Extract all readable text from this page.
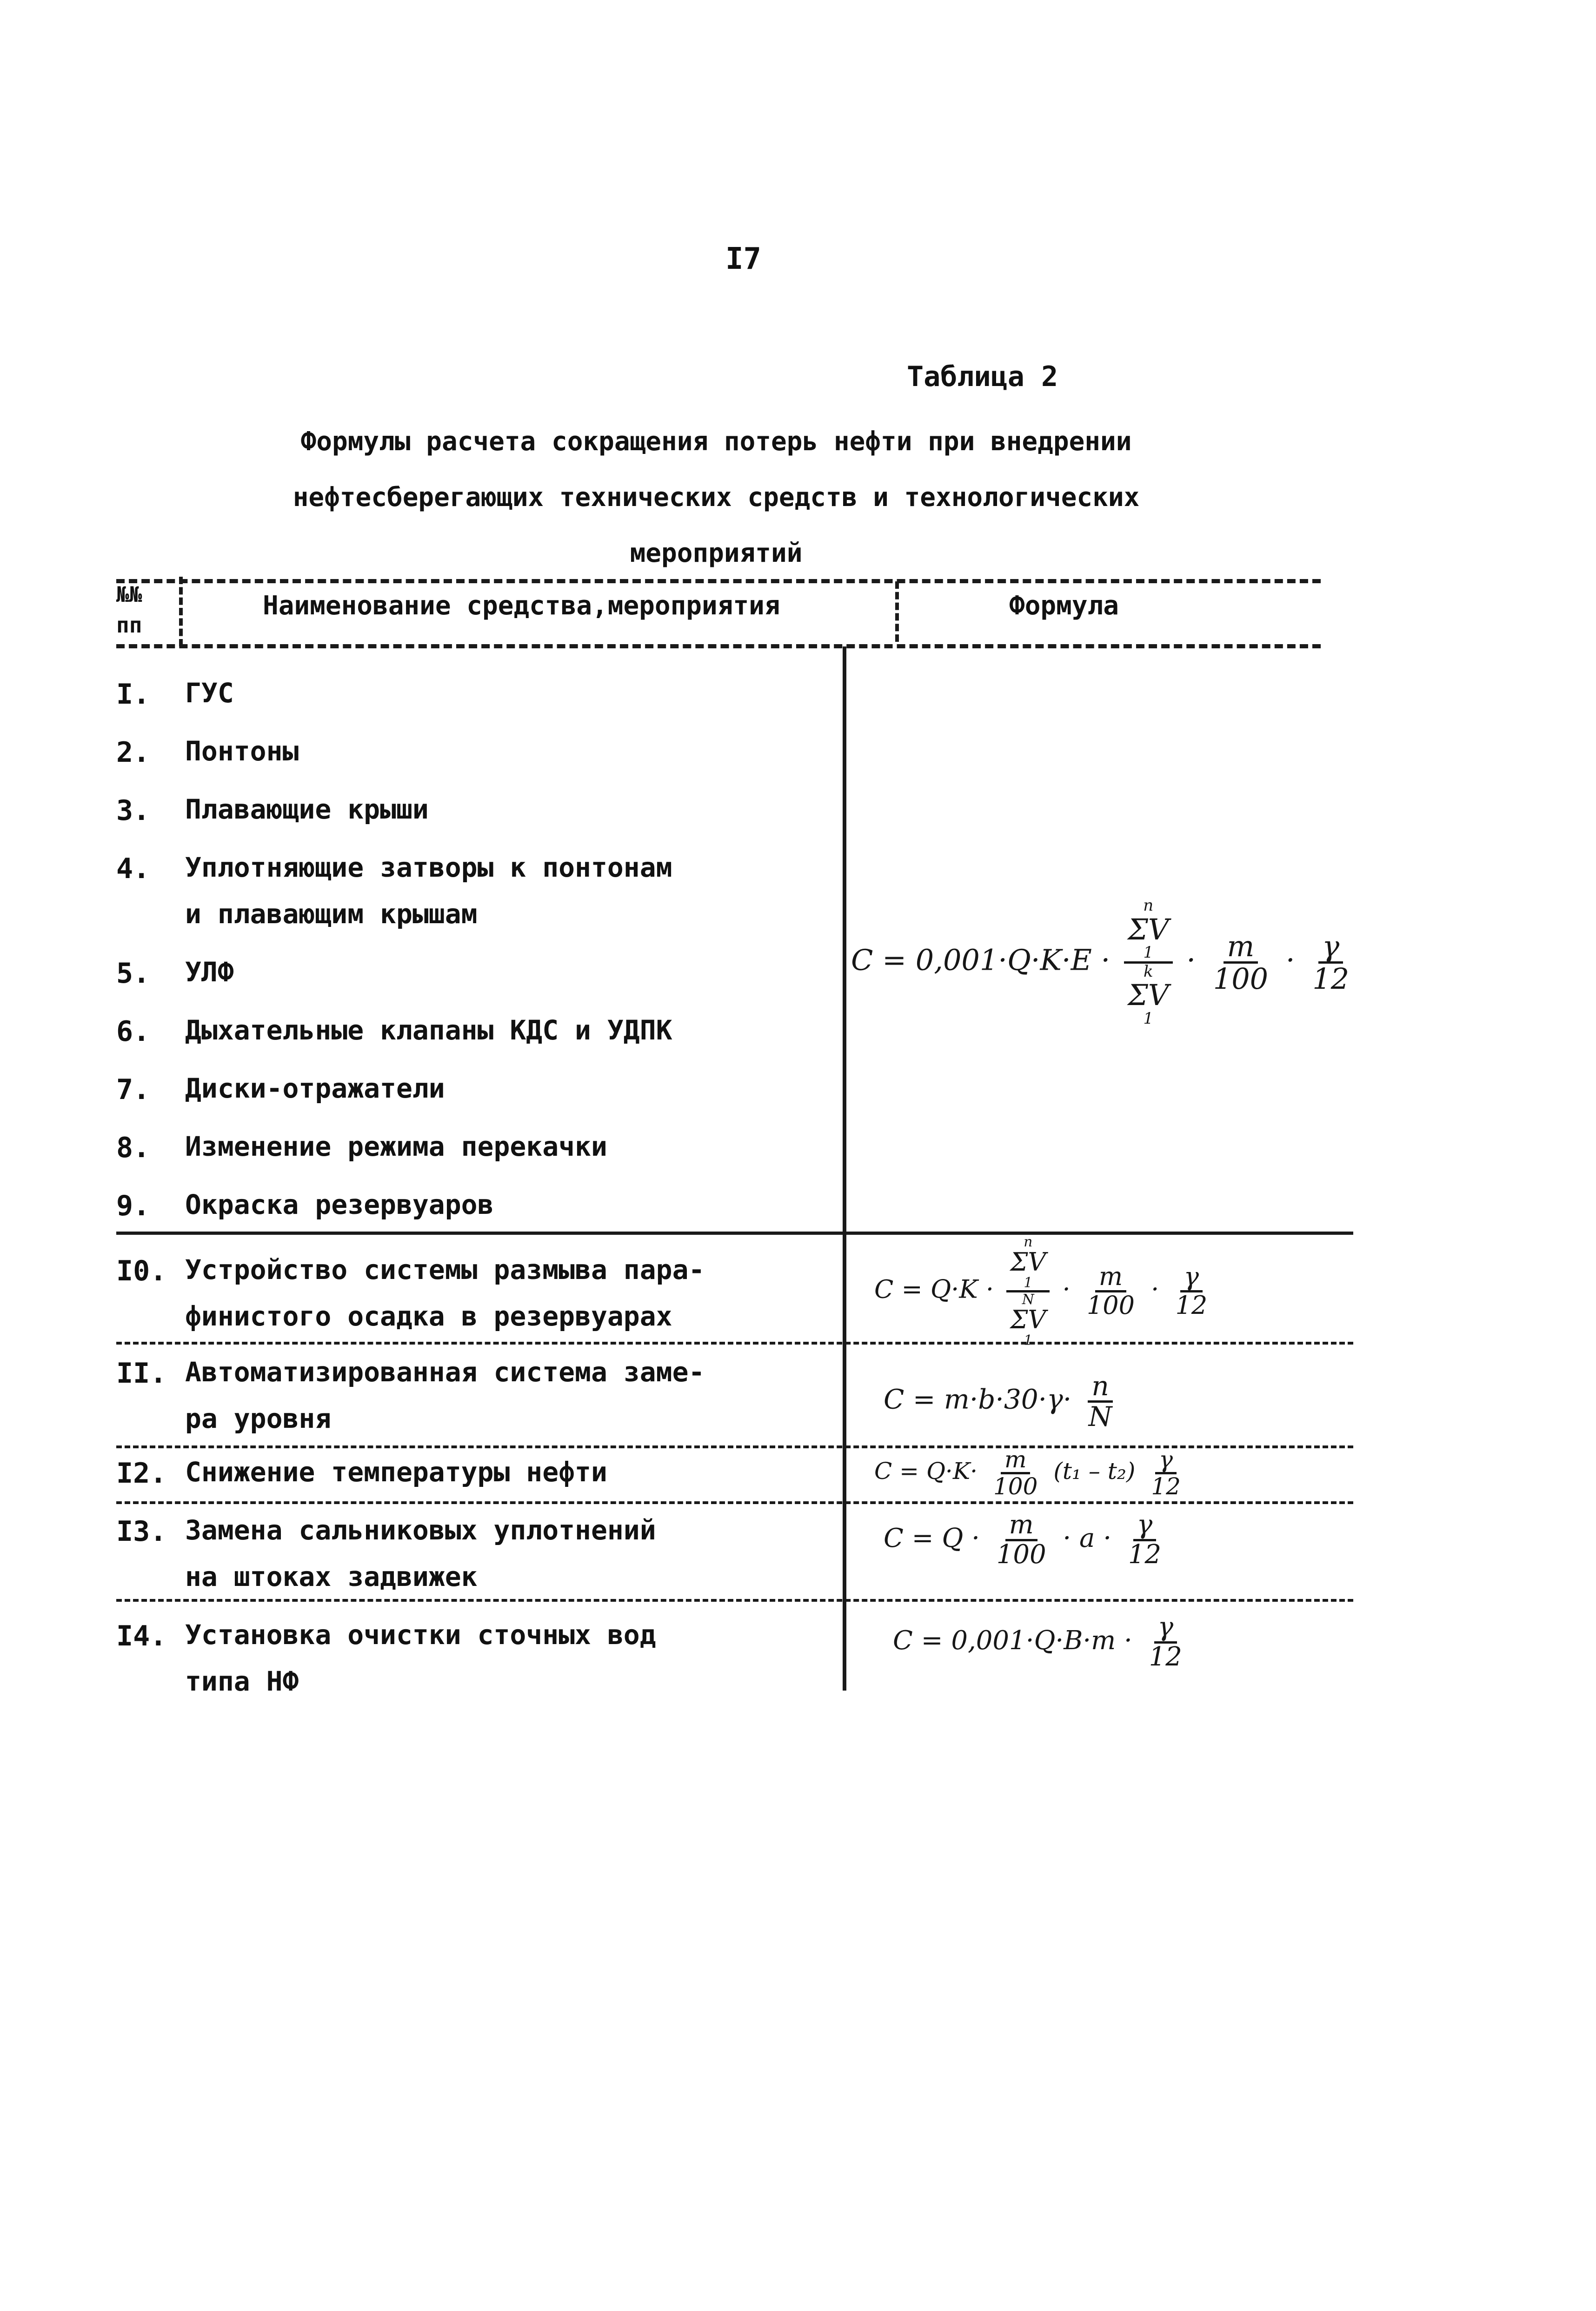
I7
Таблица 2
Формулы расчета сокращения потерь нефти при внедрении нефтесберегающих технических средств и технологических мероприятий
№№
пп
Наименование средства,мероприятия	Формула
I. ГУС
2. Понтоны
3. Плавающие крыши
4. Уплотняющие затворы к понтонам
и плавающим крышам
5. УЛФ
6. Дыхательные клапаны КДС и УДПК
7. Диски-отражатели
8. Изменение режима перекачки
9. Окраска резервуаров
I0. Устройство системы размыва пара-
финистого осадка в резервуарах
II. Автоматизированная система заме-
ра уровня
I2. Снижение температуры нефти
I3. Замена сальниковых уплотнений
на штоках задвижек
I4. Установка очистки сточных вод
типа НФ
C = 0,001·Q·K·E · n
ΣV
1
k
ΣV
$1 \cdot \frac{m}{100} \cdot \frac{\gamma}{12}$
C = Q·K · n
ΣV
1
N
ΣV
$1 \cdot \frac{m}{100} \cdot \frac{\gamma}{12}$
$C = m\cdot b\cdot 30\cdot\gamma\cdot \frac{n}{N}$
$C = Q\cdot K\cdot \frac{m}{100} (t_1 - t_2) \frac{\gamma}{12}$
$C = Q \cdot \frac{m}{100} \cdot a \cdot \frac{\gamma}{12}$
$C = 0,001\cdot Q\cdot B\cdot m \cdot \frac{\gamma}{12}$
